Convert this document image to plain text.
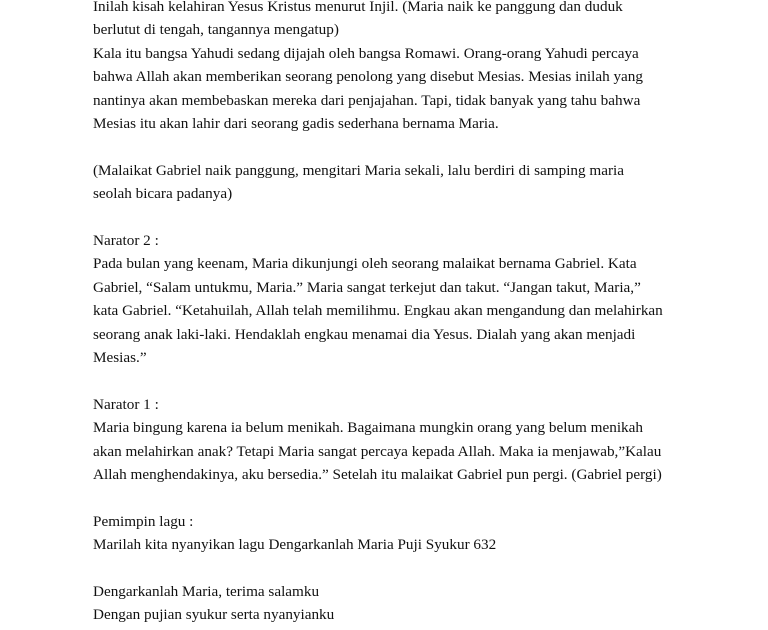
Inilah kisah kelahiran Yesus Kristus menurut Injil. (Maria naik ke panggung dan duduk

berlutut di tengah, tangannya mengatup)

Kala itu bangsa Yahudi sedang dijajah oleh bangsa Romawi. Orang-orang Yahudi percaya

bahwa Allah akan memberikan seorang penolong yang disebut Mesias. Mesias inilah yang

nantinya akan membebaskan mereka dari penjajahan. Tapi, tidak banyak yang tahu bahwa

Mesias itu akan lahir dari seorang gadis sederhana bernama Maria.

(Malaikat Gabriel naik panggung, mengitari Maria sekali, lalu berdiri di samping maria

seolah bicara padanya)

Narator 2 :

Pada bulan yang keenam, Maria dikunjungi oleh seorang malaikat bernama Gabriel. Kata

Gabriel, “Salam untukmu, Maria.” Maria sangat terkejut dan takut. “Jangan takut, Maria,”

kata Gabriel. “Ketahuilah, Allah telah memilihmu. Engkau akan mengandung dan melahirkan

seorang anak laki-laki. Hendaklah engkau menamai dia Yesus. Dialah yang akan menjadi

Mesias.”

Narator 1 :

Maria bingung karena ia belum menikah. Bagaimana mungkin orang yang belum menikah

akan melahirkan anak? Tetapi Maria sangat percaya kepada Allah. Maka ia menjawab,”Kalau

Allah menghendakinya, aku bersedia.” Setelah itu malaikat Gabriel pun pergi. (Gabriel pergi)

Pemimpin lagu :

Marilah kita nyanyikan lagu Dengarkanlah Maria Puji Syukur 632

Dengarkanlah Maria, terima salamku

Dengan pujian syukur serta nyanyianku
